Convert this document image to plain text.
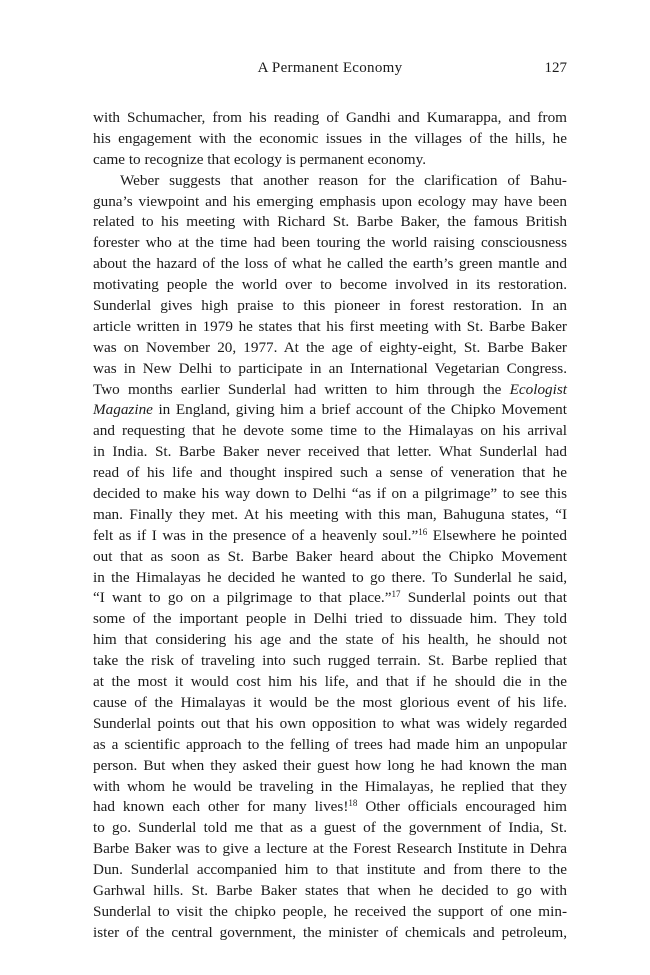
A Permanent Economy	127
with Schumacher, from his reading of Gandhi and Kumarappa, and from
his engagement with the economic issues in the villages of the hills, he
came to recognize that ecology is permanent economy.
Weber suggests that another reason for the clarification of Bahu-
guna’s viewpoint and his emerging emphasis upon ecology may have been
related to his meeting with Richard St. Barbe Baker, the famous British
forester who at the time had been touring the world raising consciousness
about the hazard of the loss of what he called the earth’s green mantle and
motivating people the world over to become involved in its restoration.
Sunderlal gives high praise to this pioneer in forest restoration. In an
article written in 1979 he states that his first meeting with St. Barbe Baker
was on November 20, 1977. At the age of eighty-eight, St. Barbe Baker
was in New Delhi to participate in an International Vegetarian Congress.
Two months earlier Sunderlal had written to him through the Ecologist
Magazine in England, giving him a brief account of the Chipko Movement
and requesting that he devote some time to the Himalayas on his arrival
in India. St. Barbe Baker never received that letter. What Sunderlal had
read of his life and thought inspired such a sense of veneration that he
decided to make his way down to Delhi “as if on a pilgrimage” to see this
man. Finally they met. At his meeting with this man, Bahuguna states, “I
felt as if I was in the presence of a heavenly soul.”$^{16}$ Elsewhere he pointed
out that as soon as St. Barbe Baker heard about the Chipko Movement
in the Himalayas he decided he wanted to go there. To Sunderlal he said,
“I want to go on a pilgrimage to that place.”$^{17}$ Sunderlal points out that
some of the important people in Delhi tried to dissuade him. They told
him that considering his age and the state of his health, he should not
take the risk of traveling into such rugged terrain. St. Barbe replied that
at the most it would cost him his life, and that if he should die in the
cause of the Himalayas it would be the most glorious event of his life.
Sunderlal points out that his own opposition to what was widely regarded
as a scientific approach to the felling of trees had made him an unpopular
person. But when they asked their guest how long he had known the man
with whom he would be traveling in the Himalayas, he replied that they
had known each other for many lives!$^{18}$ Other officials encouraged him
to go. Sunderlal told me that as a guest of the government of India, St.
Barbe Baker was to give a lecture at the Forest Research Institute in Dehra
Dun. Sunderlal accompanied him to that institute and from there to the
Garhwal hills. St. Barbe Baker states that when he decided to go with
Sunderlal to visit the chipko people, he received the support of one min-
ister of the central government, the minister of chemicals and petroleum,
